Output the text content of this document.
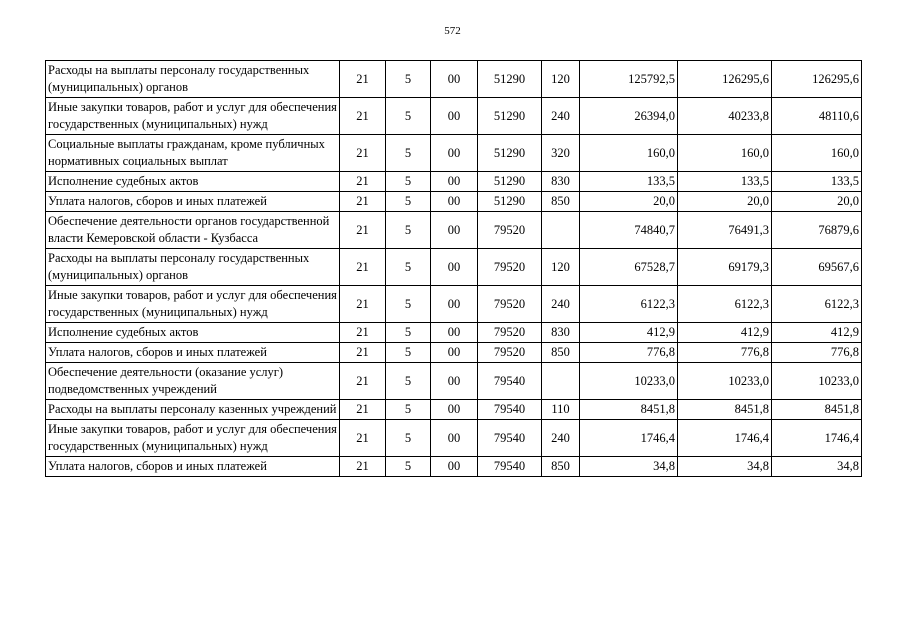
572
Расходы на выплаты персоналу государственных (муниципальных) органов	21	5	00	51290	120	125792,5	126295,6	126295,6
Иные закупки товаров, работ и услуг для обеспечения государственных (муниципальных) нужд	21	5	00	51290	240	26394,0	40233,8	48110,6
Социальные выплаты гражданам, кроме публичных нормативных социальных выплат	21	5	00	51290	320	160,0	160,0	160,0
Исполнение судебных актов	21	5	00	51290	830	133,5	133,5	133,5
Уплата налогов, сборов и иных платежей	21	5	00	51290	850	20,0	20,0	20,0
Обеспечение деятельности органов государственной власти Кемеровской области - Кузбасса	21	5	00	79520		74840,7	76491,3	76879,6
Расходы на выплаты персоналу государственных (муниципальных) органов	21	5	00	79520	120	67528,7	69179,3	69567,6
Иные закупки товаров, работ и услуг для обеспечения государственных (муниципальных) нужд	21	5	00	79520	240	6122,3	6122,3	6122,3
Исполнение судебных актов	21	5	00	79520	830	412,9	412,9	412,9
Уплата налогов, сборов и иных платежей	21	5	00	79520	850	776,8	776,8	776,8
Обеспечение деятельности (оказание услуг) подведомственных учреждений	21	5	00	79540		10233,0	10233,0	10233,0
Расходы на выплаты персоналу казенных учреждений	21	5	00	79540	110	8451,8	8451,8	8451,8
Иные закупки товаров, работ и услуг для обеспечения государственных (муниципальных) нужд	21	5	00	79540	240	1746,4	1746,4	1746,4
Уплата налогов, сборов и иных платежей	21	5	00	79540	850	34,8	34,8	34,8
